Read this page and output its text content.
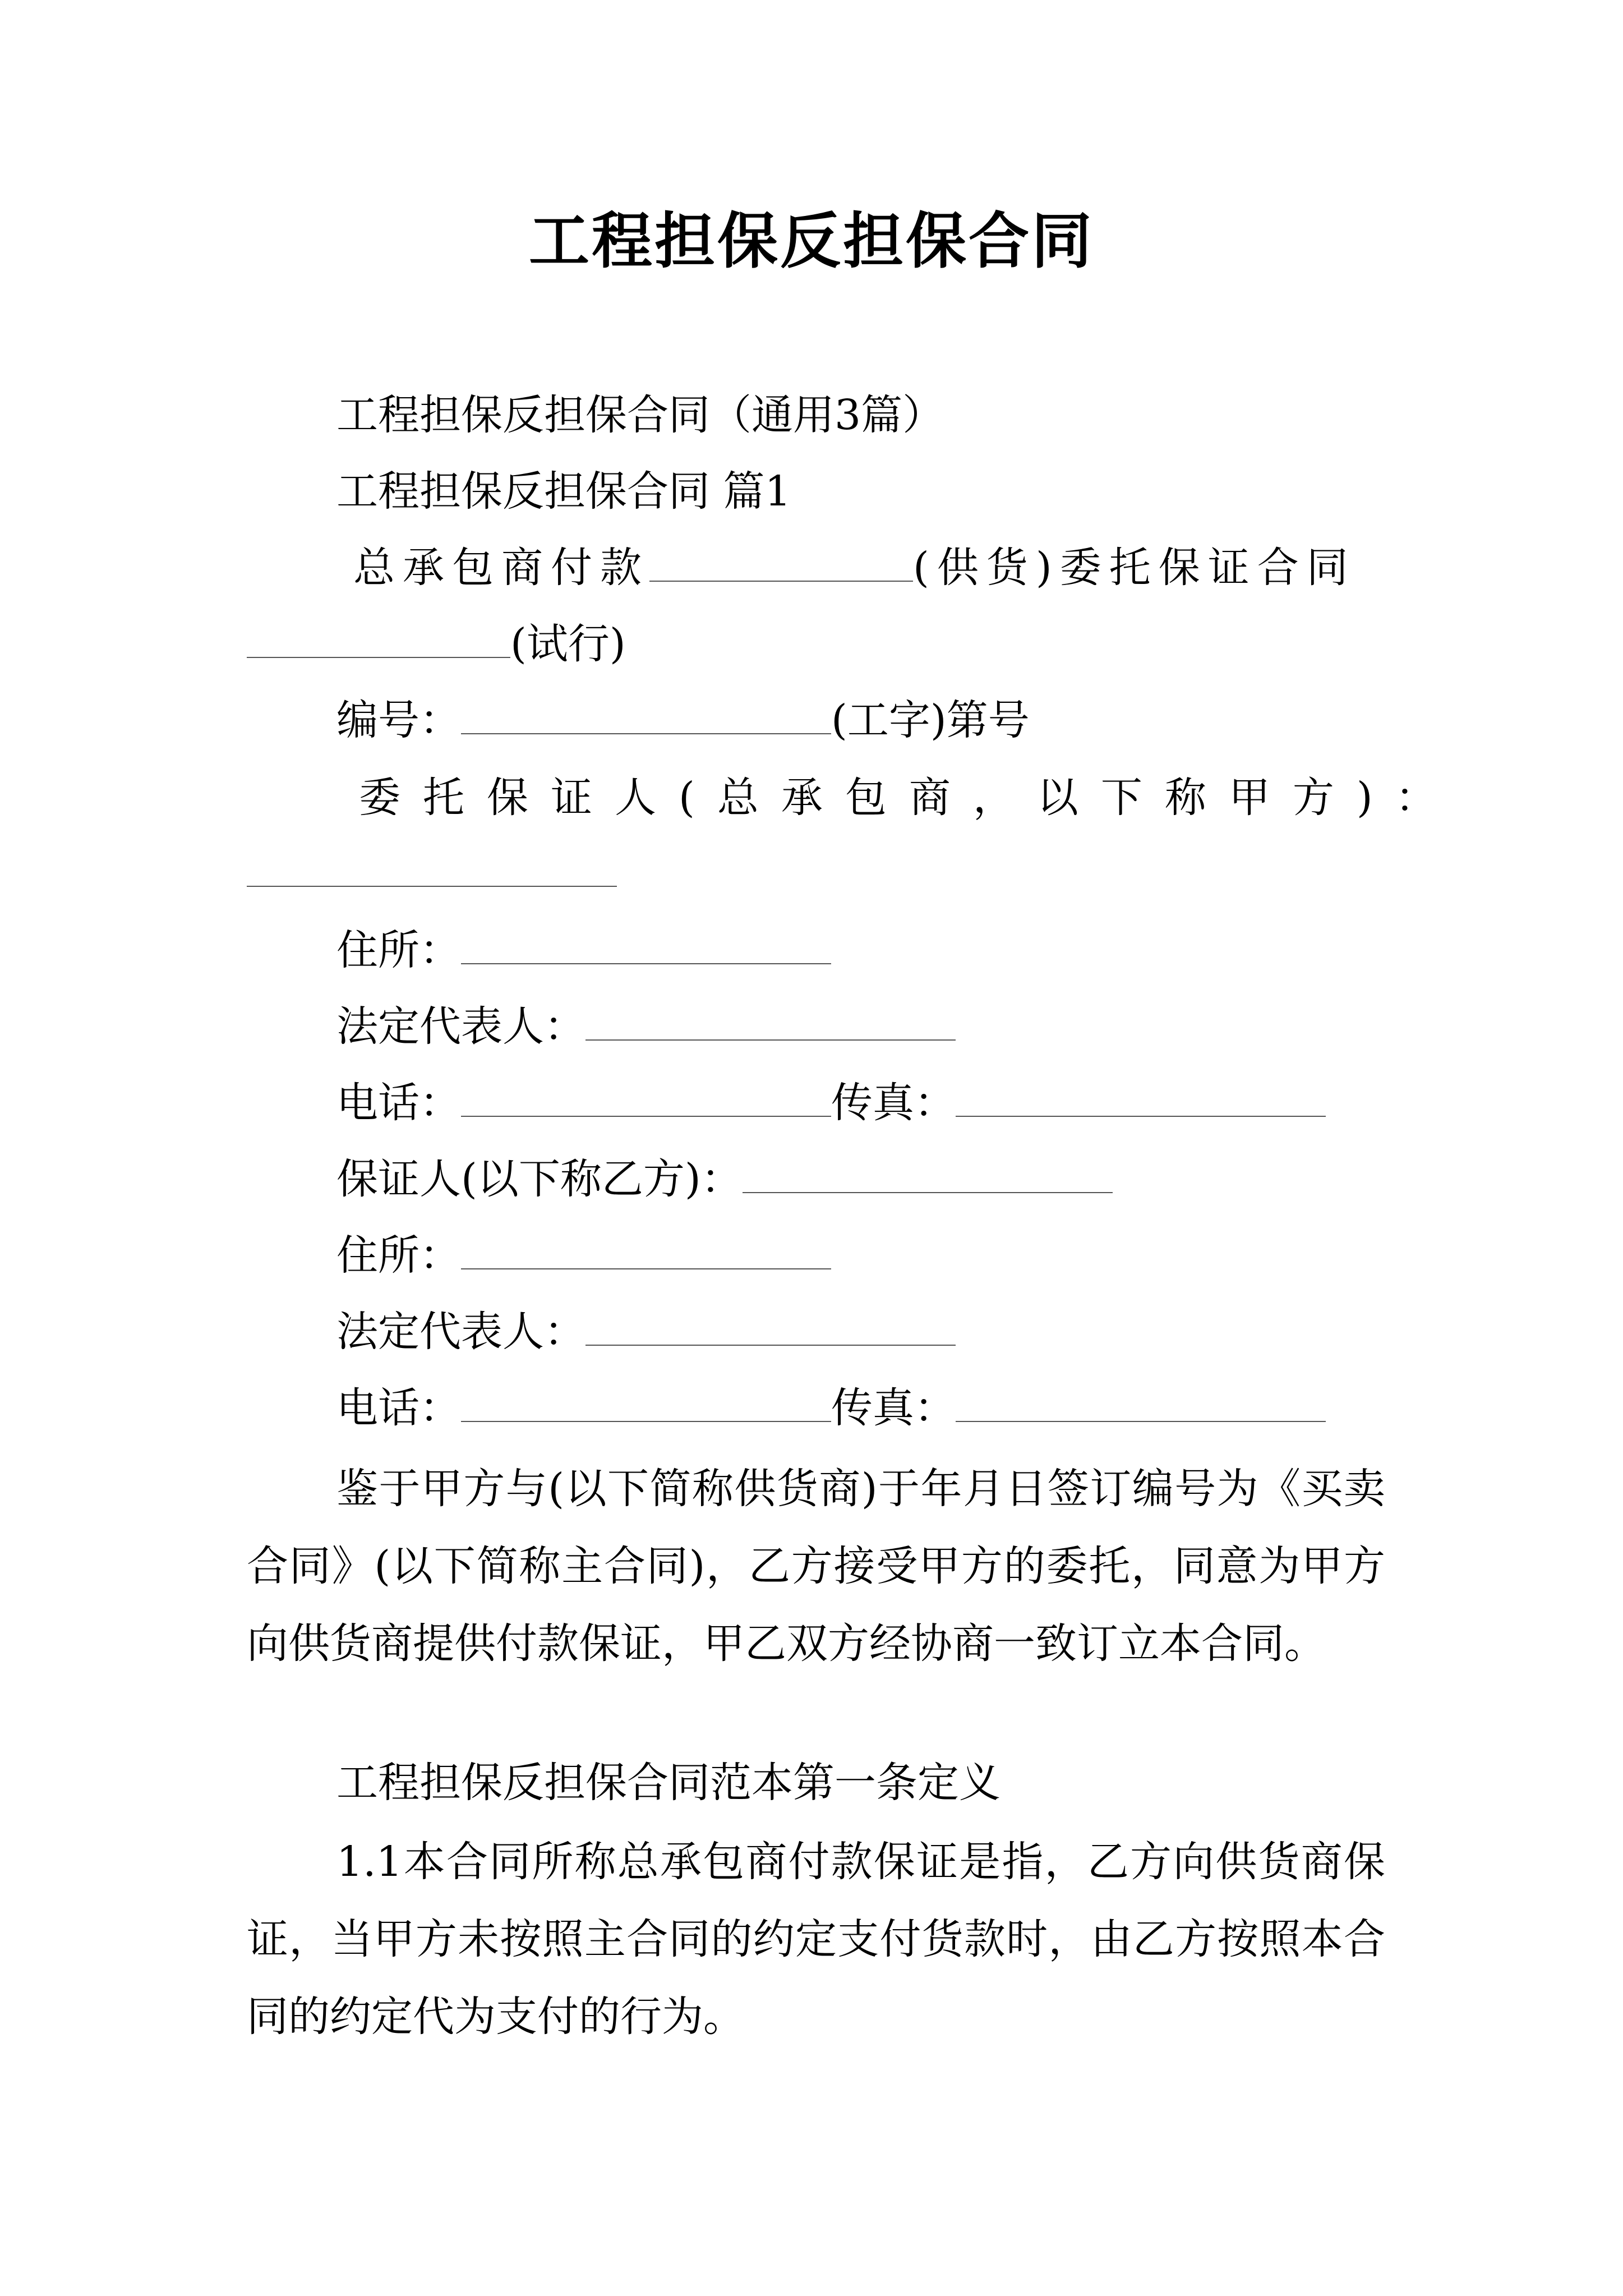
工程担保反担保合同
工程担保反担保合同（通用3篇）
工程担保反担保合同 篇1
总承包商付款	(供货)委托保证合同
(试行)
编号：	(工字)第号
委托保证人(总承包商，以下称甲方)：
住所：
法定代表人：
电话：	传真：
保证人(以下称乙方)：
住所：
法定代表人：
电话：	传真：
鉴于甲方与(以下简称供货商)于年月日签订编号为《买卖合同》(以下简称主合同)，乙方接受甲方的委托，同意为甲方向供货商提供付款保证，甲乙双方经协商一致订立本合同。
工程担保反担保合同范本第一条定义
1.1本合同所称总承包商付款保证是指，乙方向供货商保证，当甲方未按照主合同的约定支付货款时，由乙方按照本合同的约定代为支付的行为。
